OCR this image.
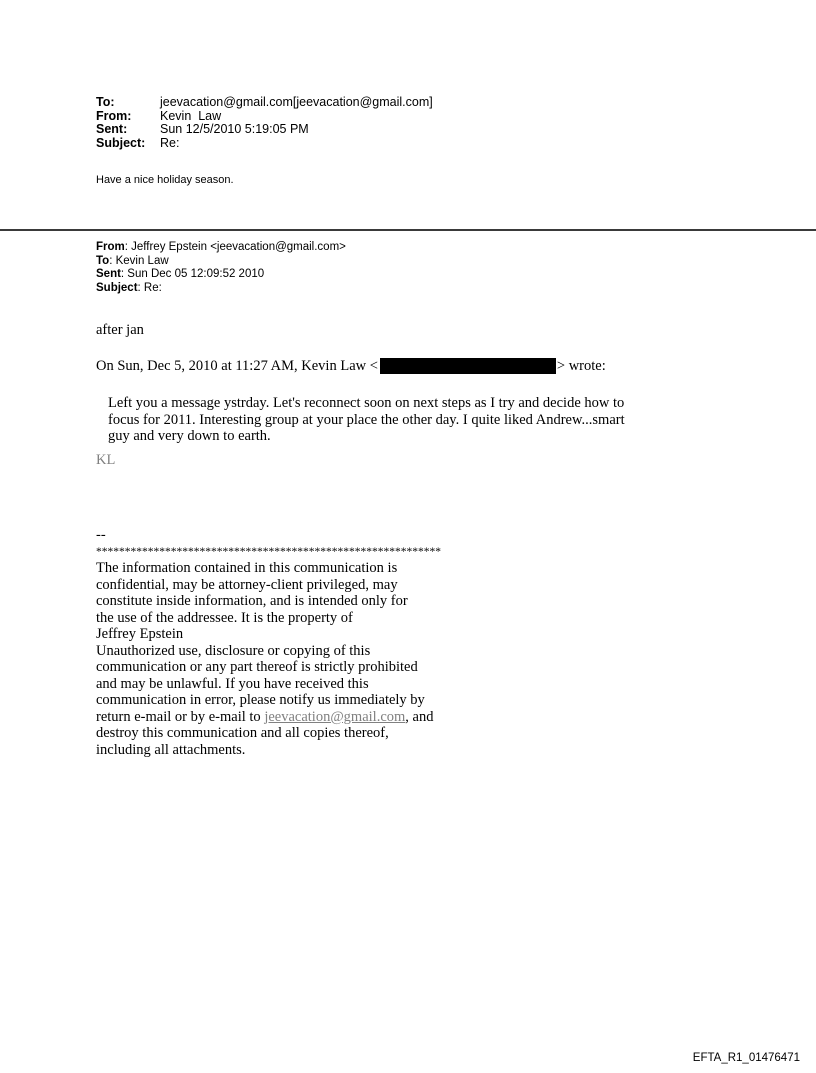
To:	jeevacation@gmail.com[jeevacation@gmail.com]
From:	Kevin  Law
Sent:	Sun 12/5/2010 5:19:05 PM
Subject:	Re:
Have a nice holiday season.
From: Jeffrey Epstein <jeevacation@gmail.com>
To: Kevin Law
Sent: Sun Dec 05 12:09:52 2010
Subject: Re:
after jan
On Sun, Dec 5, 2010 at 11:27 AM, Kevin Law <	> wrote:
Left you a message ystrday. Let's reconnect soon on next steps as I try and decide how to
focus for 2011. Interesting group at your place the other day. I quite liked Andrew...smart
guy and very down to earth.
KL
--
************************************************************
The information contained in this communication is
confidential, may be attorney-client privileged, may
constitute inside information, and is intended only for
the use of the addressee. It is the property of
Jeffrey Epstein
Unauthorized use, disclosure or copying of this
communication or any part thereof is strictly prohibited
and may be unlawful. If you have received this
communication in error, please notify us immediately by
return e-mail or by e-mail to jeevacation@gmail.com, and
destroy this communication and all copies thereof,
including all attachments.
EFTA_R1_01476471
